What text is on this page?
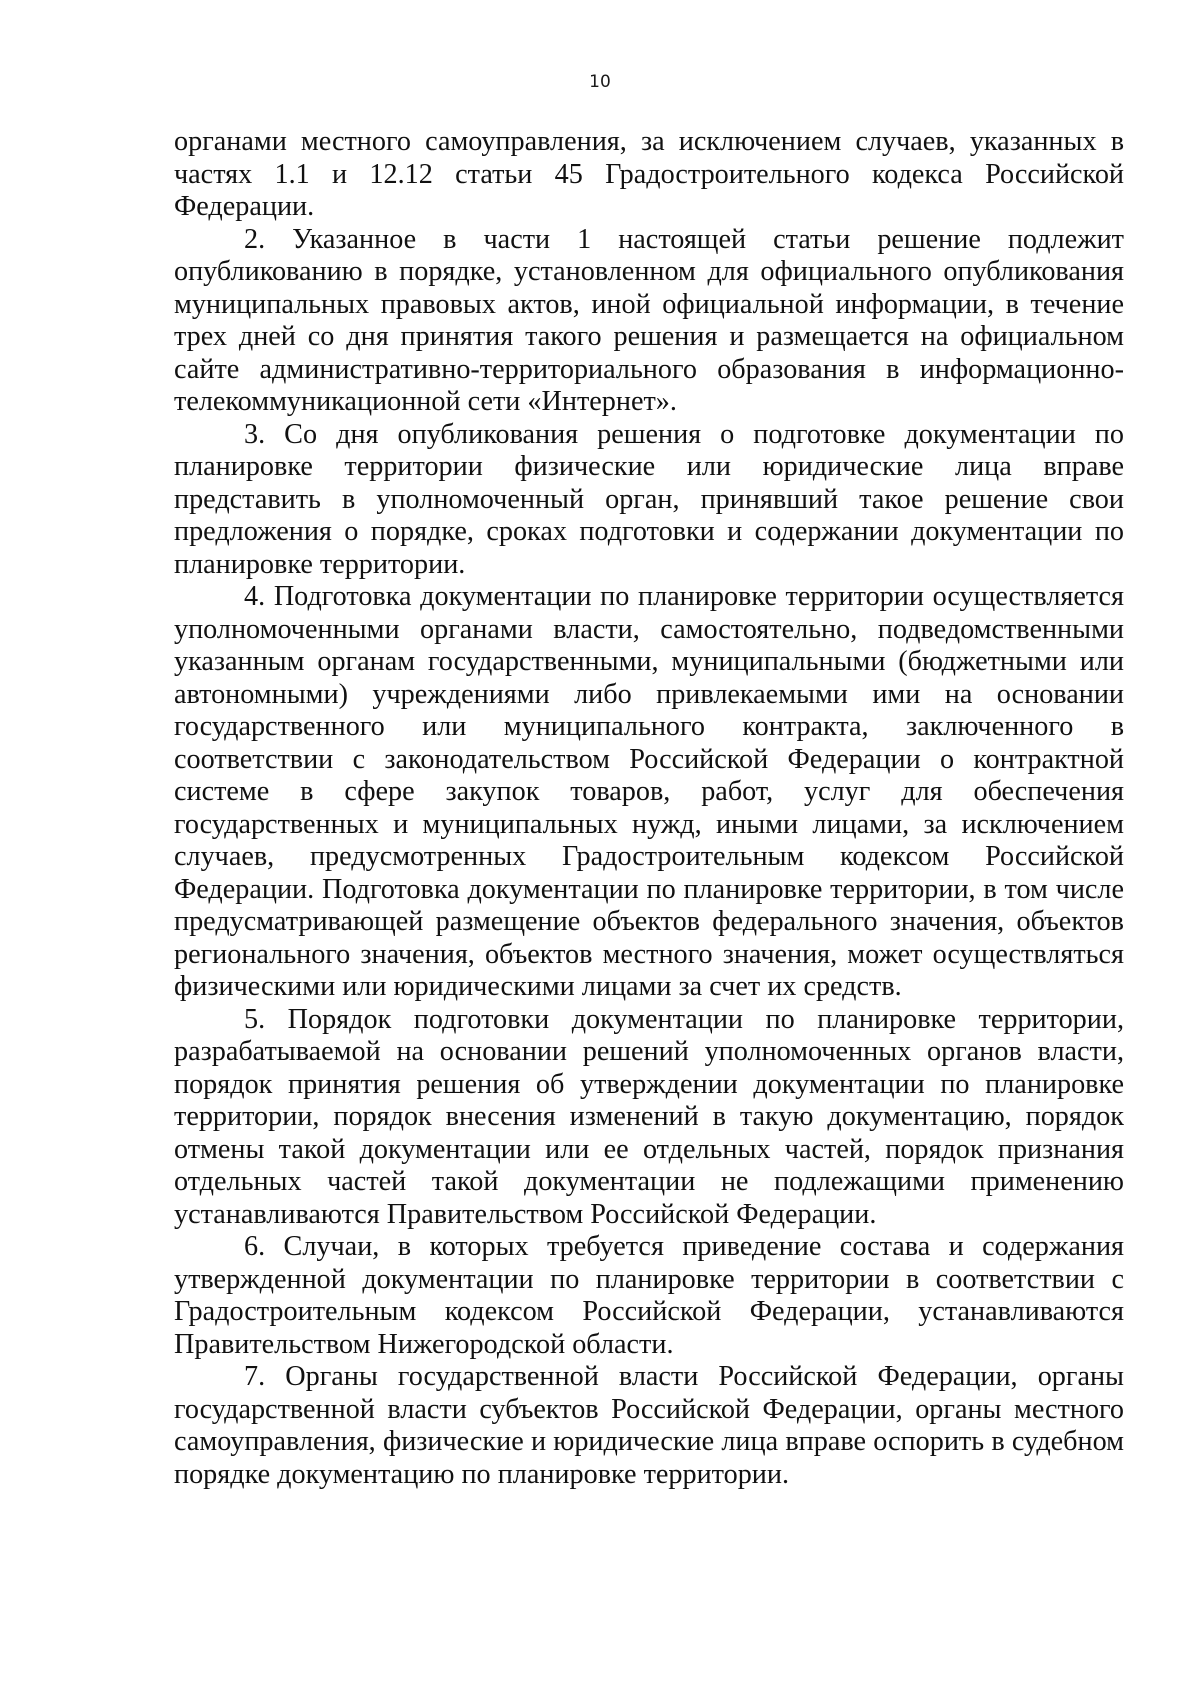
10

органами местного самоуправления, за исключением случаев, указанных в частях 1.1 и 12.12 статьи 45 Градостроительного кодекса Российской Федерации.

2. Указанное в части 1 настоящей статьи решение подлежит опубликованию в порядке, установленном для официального опубликования муниципальных правовых актов, иной официальной информации, в течение трех дней со дня принятия такого решения и размещается на официальном сайте административно-территориального образования в информационно-телекоммуникационной сети «Интернет».

3. Со дня опубликования решения о подготовке документации по планировке территории физические или юридические лица вправе представить в уполномоченный орган, принявший такое решение свои предложения о порядке, сроках подготовки и содержании документации по планировке территории.

4. Подготовка документации по планировке территории осуществляется уполномоченными органами власти, самостоятельно, подведомственными указанным органам государственными, муниципальными (бюджетными или автономными) учреждениями либо привлекаемыми ими на основании государственного или муниципального контракта, заключенного в соответствии с законодательством Российской Федерации о контрактной системе в сфере закупок товаров, работ, услуг для обеспечения государственных и муниципальных нужд, иными лицами, за исключением случаев, предусмотренных Градостроительным кодексом Российской Федерации. Подготовка документации по планировке территории, в том числе предусматривающей размещение объектов федерального значения, объектов регионального значения, объектов местного значения, может осуществляться физическими или юридическими лицами за счет их средств.

5. Порядок подготовки документации по планировке территории, разрабатываемой на основании решений уполномоченных органов власти, порядок принятия решения об утверждении документации по планировке территории, порядок внесения изменений в такую документацию, порядок отмены такой документации или ее отдельных частей, порядок признания отдельных частей такой документации не подлежащими применению устанавливаются Правительством Российской Федерации.

6. Случаи, в которых требуется приведение состава и содержания утвержденной документации по планировке территории в соответствии с Градостроительным кодексом Российской Федерации, устанавливаются Правительством Нижегородской области.

7. Органы государственной власти Российской Федерации, органы государственной власти субъектов Российской Федерации, органы местного самоуправления, физические и юридические лица вправе оспорить в судебном порядке документацию по планировке территории.
